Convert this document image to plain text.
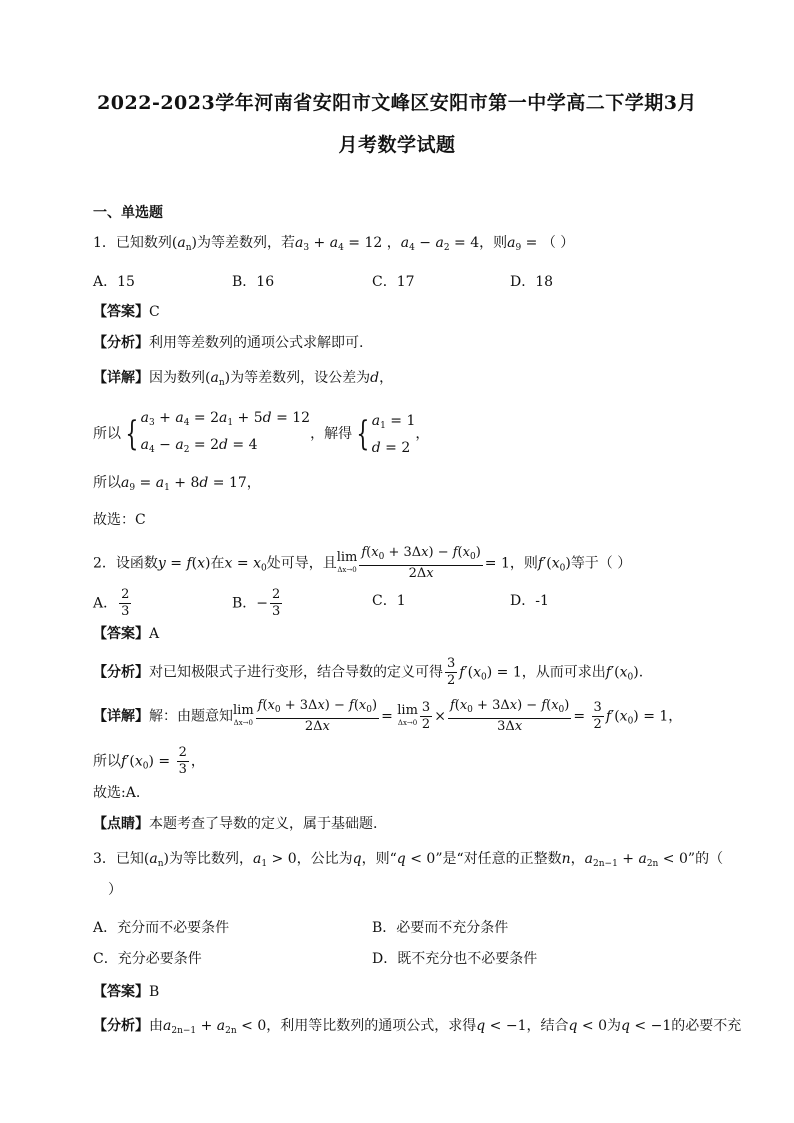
2022-2023学年河南省安阳市文峰区安阳市第一中学高二下学期3月
月考数学试题
一、单选题
1．已知数列$(a_n)$为等差数列，若$a_3 + a_4 = 12$ ，$a_4 - a_2 = 4$，则$a_9$ = （ ）
A．15	B．16	C．17	D．18
【答案】C
【分析】利用等差数列的通项公式求解即可.
【详解】因为数列$(a_n)$为等差数列，设公差为d，
所以 { $a_3 + a_4 = 2a_1 + 5d = 12$
$a_4 - a_2 = 2d = 4$，解得 { $a_1 = 1$
d = 2，
所以$a_9 = a_1 + 8d = 17$，
故选：C
2．设函数y = f(x)在$x = x_0$处可导，且lim
$\Delta x\to 0 \frac{f(x_0 + 3\Delta x) - f(x_0)}{2\Delta x} = 1$，则$f'(x_0)$等于（ ）
A． $\frac{2}{3}$	B．− $\frac{2}{3}$	C．1	D．-1
【答案】A
【分析】对已知极限式子进行变形，结合导数的定义可得 $\frac{3}{2} f'(x_0) = 1$，从而可求出$f'(x_0)$.
【详解】解：由题意知lim
$\Delta x\to 0 \frac{f(x_0 + 3\Delta x) - f(x_0)}{2\Delta x} = \lim$
$\Delta x\to 0 \frac{3}{2} \times \frac{f(x_0 + 3\Delta x) - f(x_0)}{3\Delta x} = \frac{3}{2} f'(x_0) = 1$，
所以$f'(x_0) = \frac{2}{3}$ ，
故选:A.
【点睛】本题考查了导数的定义，属于基础题.
3．已知$(a_n)$为等比数列，$a_1 > 0$，公比为q，则“q < 0”是“对任意的正整数n，$a_{2n-1} + a_{2n} < 0$”的（
）
A．充分而不必要条件	B．必要而不充分条件
C．充分必要条件	D．既不充分也不必要条件
【答案】B
【分析】由$a_{2n-1} + a_{2n} < 0$，利用等比数列的通项公式，求得q < −1，结合q < 0为q < −1的必要不充
